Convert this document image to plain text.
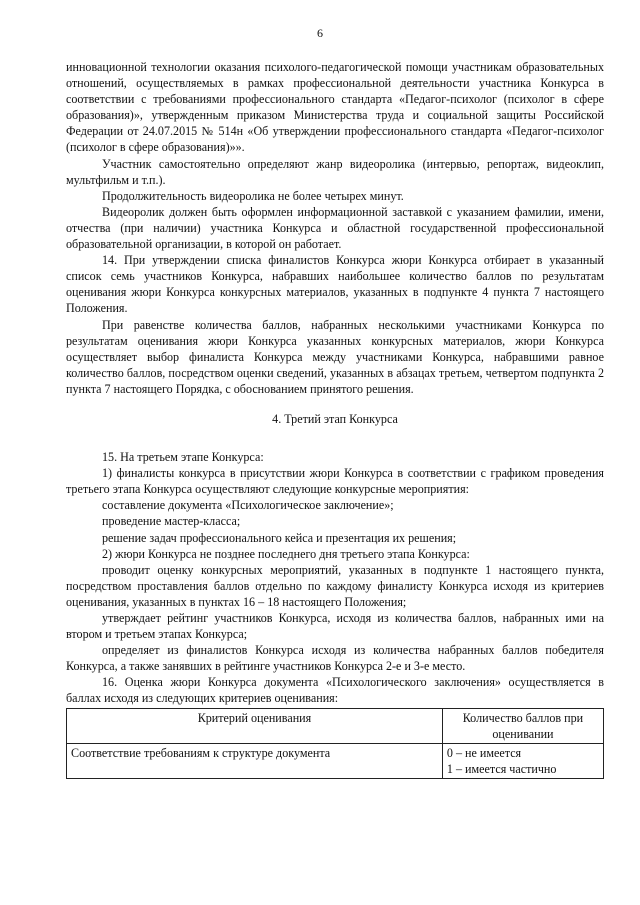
6

инновационной технологии оказания психолого-педагогической помощи участникам образовательных отношений, осуществляемых в рамках профессиональной деятельности участника Конкурса в соответствии с требованиями профессионального стандарта «Педагог-психолог (психолог в сфере образования)», утвержденным приказом Министерства труда и социальной защиты Российской Федерации от 24.07.2015 № 514н «Об утверждении профессионального стандарта «Педагог-психолог (психолог в сфере образования)»».

Участник самостоятельно определяют жанр видеоролика (интервью, репортаж, видеоклип, мультфильм и т.п.).

Продолжительность видеоролика не более четырех минут.

Видеоролик должен быть оформлен информационной заставкой с указанием фамилии, имени, отчества (при наличии) участника Конкурса и областной государственной профессиональной образовательной организации, в которой он работает.

14. При утверждении списка финалистов Конкурса жюри Конкурса отбирает в указанный список семь участников Конкурса, набравших наибольшее количество баллов по результатам оценивания жюри Конкурса конкурсных материалов, указанных в подпункте 4 пункта 7 настоящего Положения.

При равенстве количества баллов, набранных несколькими участниками Конкурса по результатам оценивания жюри Конкурса указанных конкурсных материалов, жюри Конкурса осуществляет выбор финалиста Конкурса между участниками Конкурса, набравшими равное количество баллов, посредством оценки сведений, указанных в абзацах третьем, четвертом подпункта 2 пункта 7 настоящего Порядка, с обоснованием принятого решения.

4. Третий этап Конкурса

15. На третьем этапе Конкурса:

1) финалисты конкурса в присутствии жюри Конкурса в соответствии с графиком проведения третьего этапа Конкурса осуществляют следующие конкурсные мероприятия:

составление документа «Психологическое заключение»;

проведение мастер-класса;

решение задач профессионального кейса и презентация их решения;

2) жюри Конкурса не позднее последнего дня третьего этапа Конкурса:

проводит оценку конкурсных мероприятий, указанных в подпункте 1 настоящего пункта, посредством проставления баллов отдельно по каждому финалисту Конкурса исходя из критериев оценивания, указанных в пунктах 16 – 18 настоящего Положения;

утверждает рейтинг участников Конкурса, исходя из количества баллов, набранных ими на втором и третьем этапах Конкурса;

определяет из финалистов Конкурса исходя из количества набранных баллов победителя Конкурса, а также занявших в рейтинге участников Конкурса 2-е и 3-е место.

16. Оценка жюри Конкурса документа «Психологического заключения» осуществляется в баллах исходя из следующих критериев оценивания:

Критерий оценивания	Количество баллов при оценивании
Соответствие требованиям к структуре документа	0 – не имеется
1 – имеется частично
